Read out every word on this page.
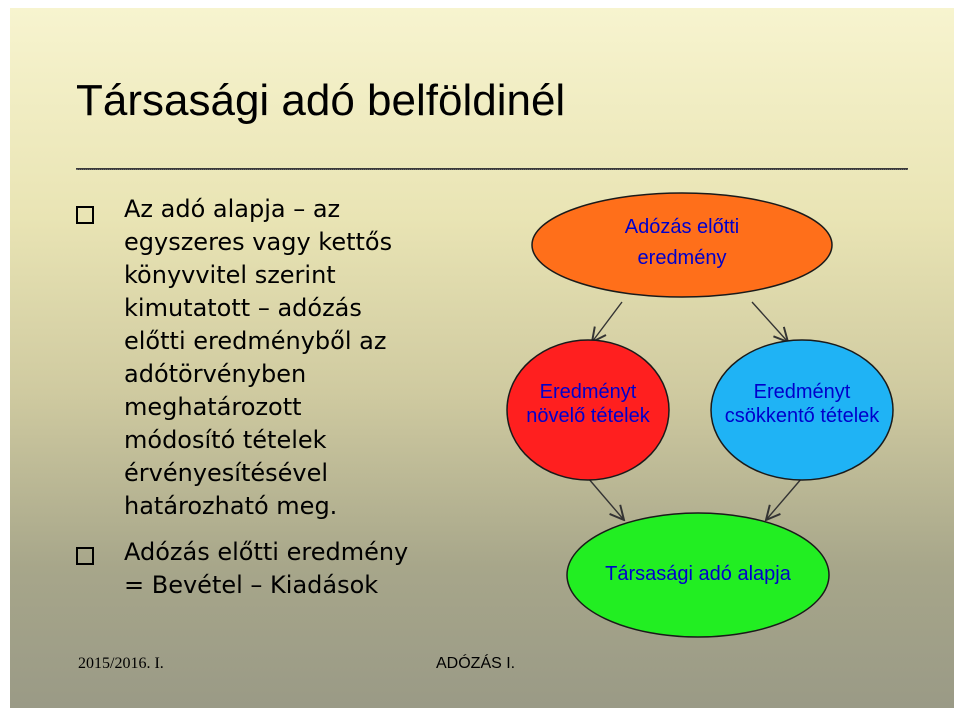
Társasági adó belföldinél
Az adó alapja – az
egyszeres vagy kettős
könyvvitel szerint
kimutatott – adózás
előtti eredményből az
adótörvényben
meghatározott
módosító tételek
érvényesítésével
határozható meg.
Adózás előtti eredmény
= Bevétel – Kiadások
Adózás előtti
eredmény
Eredményt
növelő tételek
Eredményt
csökkentő tételek
Társasági adó alapja
2015/2016. I.	ADÓZÁS I.
